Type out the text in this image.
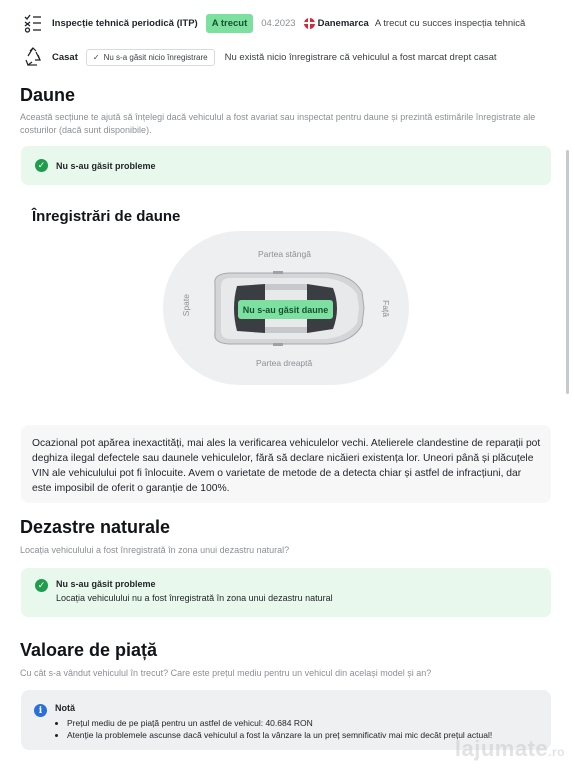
Inspecție tehnică periodică (ITP)	A trecut	04.2023 Danemarca A trecut cu succes inspecția tehnică
Casat ✓ Nu s-a găsit nicio înregistrare Nu există nicio înregistrare că vehiculul a fost marcat drept casat
Daune

Această secțiune te ajută să înțelegi dacă vehiculul a fost avariat sau inspectat pentru daune și prezintă estimările înregistrate ale costurilor (dacă sunt disponibile).

✓	Nu s-au găsit probleme
Înregistrări de daune
Partea stângă
Partea dreaptă
Spate	Față
Nu s-au găsit daune

Ocazional pot apărea inexactități, mai ales la verificarea vehiculelor vechi. Atelierele clandestine de reparații pot deghiza ilegal defectele sau daunele vehiculelor, fără să declare nicăieri existența lor. Uneori până și plăcuțele VIN ale vehiculului pot fi înlocuite. Avem o varietate de metode de a detecta chiar și astfel de infracțiuni, dar este imposibil de oferit o garanție de 100%.

Dezastre naturale

Locația vehiculului a fost înregistrată în zona unui dezastru natural?

✓	Nu s-au găsit probleme
Locația vehiculului nu a fost înregistrată în zona unui dezastru natural
Valoare de piață

Cu cât s-a vândut vehiculul în trecut? Care este prețul mediu pentru un vehicul din același model și an?

i	Notă
• Prețul mediu de pe piață pentru un astfel de vehicul: 40.684 RON
• Atenție la problemele ascunse dacă vehiculul a fost la vânzare la un preț semnificativ mai mic decât prețul actual!
lajumate.ro
